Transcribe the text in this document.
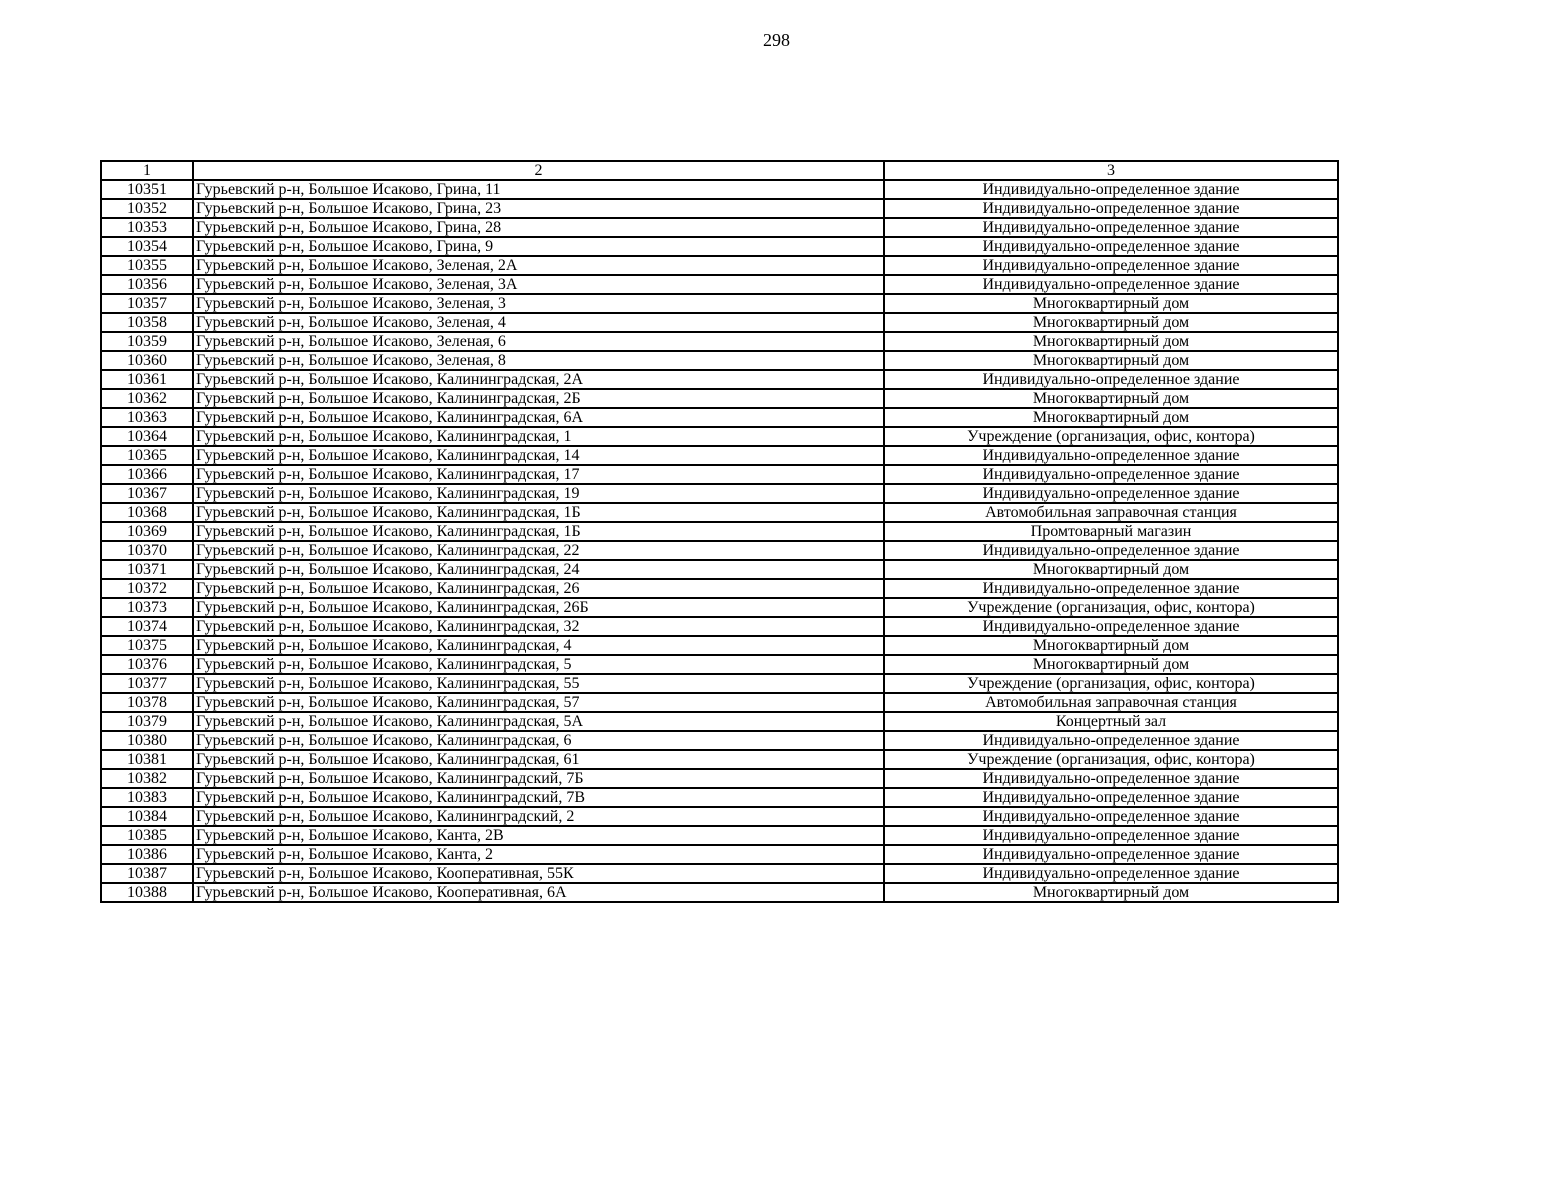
298
1	2	3
10351	Гурьевский р-н, Большое Исаково, Грина, 11	Индивидуально-определенное здание
10352	Гурьевский р-н, Большое Исаково, Грина, 23	Индивидуально-определенное здание
10353	Гурьевский р-н, Большое Исаково, Грина, 28	Индивидуально-определенное здание
10354	Гурьевский р-н, Большое Исаково, Грина, 9	Индивидуально-определенное здание
10355	Гурьевский р-н, Большое Исаково, Зеленая, 2А	Индивидуально-определенное здание
10356	Гурьевский р-н, Большое Исаково, Зеленая, 3А	Индивидуально-определенное здание
10357	Гурьевский р-н, Большое Исаково, Зеленая, 3	Многоквартирный дом
10358	Гурьевский р-н, Большое Исаково, Зеленая, 4	Многоквартирный дом
10359	Гурьевский р-н, Большое Исаково, Зеленая, 6	Многоквартирный дом
10360	Гурьевский р-н, Большое Исаково, Зеленая, 8	Многоквартирный дом
10361	Гурьевский р-н, Большое Исаково, Калининградская, 2А	Индивидуально-определенное здание
10362	Гурьевский р-н, Большое Исаково, Калининградская, 2Б	Многоквартирный дом
10363	Гурьевский р-н, Большое Исаково, Калининградская, 6А	Многоквартирный дом
10364	Гурьевский р-н, Большое Исаково, Калининградская, 1	Учреждение (организация, офис, контора)
10365	Гурьевский р-н, Большое Исаково, Калининградская, 14	Индивидуально-определенное здание
10366	Гурьевский р-н, Большое Исаково, Калининградская, 17	Индивидуально-определенное здание
10367	Гурьевский р-н, Большое Исаково, Калининградская, 19	Индивидуально-определенное здание
10368	Гурьевский р-н, Большое Исаково, Калининградская, 1Б	Автомобильная заправочная станция
10369	Гурьевский р-н, Большое Исаково, Калининградская, 1Б	Промтоварный магазин
10370	Гурьевский р-н, Большое Исаково, Калининградская, 22	Индивидуально-определенное здание
10371	Гурьевский р-н, Большое Исаково, Калининградская, 24	Многоквартирный дом
10372	Гурьевский р-н, Большое Исаково, Калининградская, 26	Индивидуально-определенное здание
10373	Гурьевский р-н, Большое Исаково, Калининградская, 26Б	Учреждение (организация, офис, контора)
10374	Гурьевский р-н, Большое Исаково, Калининградская, 32	Индивидуально-определенное здание
10375	Гурьевский р-н, Большое Исаково, Калининградская, 4	Многоквартирный дом
10376	Гурьевский р-н, Большое Исаково, Калининградская, 5	Многоквартирный дом
10377	Гурьевский р-н, Большое Исаково, Калининградская, 55	Учреждение (организация, офис, контора)
10378	Гурьевский р-н, Большое Исаково, Калининградская, 57	Автомобильная заправочная станция
10379	Гурьевский р-н, Большое Исаково, Калининградская, 5А	Концертный зал
10380	Гурьевский р-н, Большое Исаково, Калининградская, 6	Индивидуально-определенное здание
10381	Гурьевский р-н, Большое Исаково, Калининградская, 61	Учреждение (организация, офис, контора)
10382	Гурьевский р-н, Большое Исаково, Калининградский, 7Б	Индивидуально-определенное здание
10383	Гурьевский р-н, Большое Исаково, Калининградский, 7В	Индивидуально-определенное здание
10384	Гурьевский р-н, Большое Исаково, Калининградский, 2	Индивидуально-определенное здание
10385	Гурьевский р-н, Большое Исаково, Канта, 2В	Индивидуально-определенное здание
10386	Гурьевский р-н, Большое Исаково, Канта, 2	Индивидуально-определенное здание
10387	Гурьевский р-н, Большое Исаково, Кооперативная, 55К	Индивидуально-определенное здание
10388	Гурьевский р-н, Большое Исаково, Кооперативная, 6А	Многоквартирный дом
